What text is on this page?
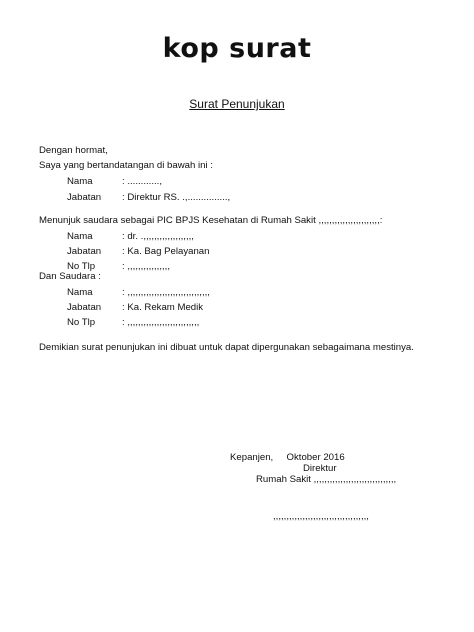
kop surat
Surat Penunjukan
Dengan hormat,
Saya yang bertandatangan di bawah ini :
Nama	: ............,
Jabatan : Direktur RS. .,...............,
Menunjuk saudara sebagai PIC BPJS Kesehatan di Rumah Sakit ,,,,,,,,,,,,,,,,,,,,,,,:
Nama	: dr. .,,,,,,,,,,,,,,,,,,,
Jabatan : Ka. Bag Pelayanan
No Tlp	: ,,,,,,,,,,,,,,,,
Dan Saudara :
Nama	: ,,,,,,,,,,,,,,,,,,,,,,,,,,,,,,,
Jabatan : Ka. Rekam Medik
No Tlp	: ,,,,,,,,,,,,,,,,,,,,,,,,,,,
Demikian surat penunjukan ini dibuat untuk dapat dipergunakan sebagaimana mestinya.
Kepanjen,     Oktober 2016
Direktur
Rumah Sakit ,,,,,,,,,,,,,,,,,,,,,,,,,,,,,,,
,,,,,,,,,,,,,,,,,,,,,,,,,,,,,,,,,,,,
